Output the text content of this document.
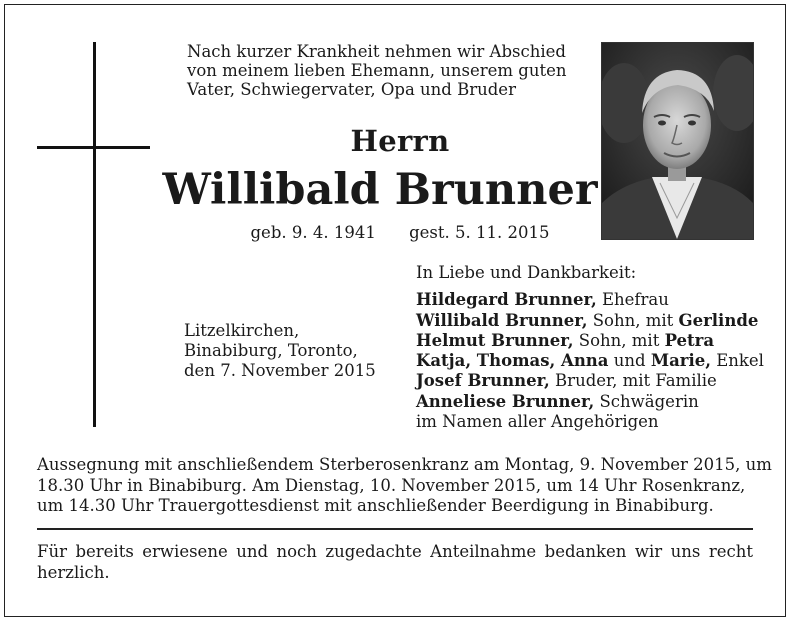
Nach kurzer Krankheit nehmen wir Abschied
von meinem lieben Ehemann, unserem guten
Vater, Schwiegervater, Opa und Bruder
Herrn
Willibald Brunner
geb. 9. 4. 1941 gest. 5. 11. 2015
Litzelkirchen,
Binabiburg, Toronto,
den 7. November 2015
In Liebe und Dankbarkeit:
Hildegard Brunner, Ehefrau
Willibald Brunner, Sohn, mit Gerlinde
Helmut Brunner, Sohn, mit Petra
Katja, Thomas, Anna und Marie, Enkel
Josef Brunner, Bruder, mit Familie
Anneliese Brunner, Schwägerin
im Namen aller Angehörigen
Aussegnung mit anschließendem Sterberosenkranz am Montag, 9. November 2015, um
18.30 Uhr in Binabiburg. Am Dienstag, 10. November 2015, um 14 Uhr Rosenkranz,
um 14.30 Uhr Trauergottesdienst mit anschließender Beerdigung in Binabiburg.
Für bereits erwiesene und noch zugedachte Anteilnahme bedanken wir uns recht
herzlich.
